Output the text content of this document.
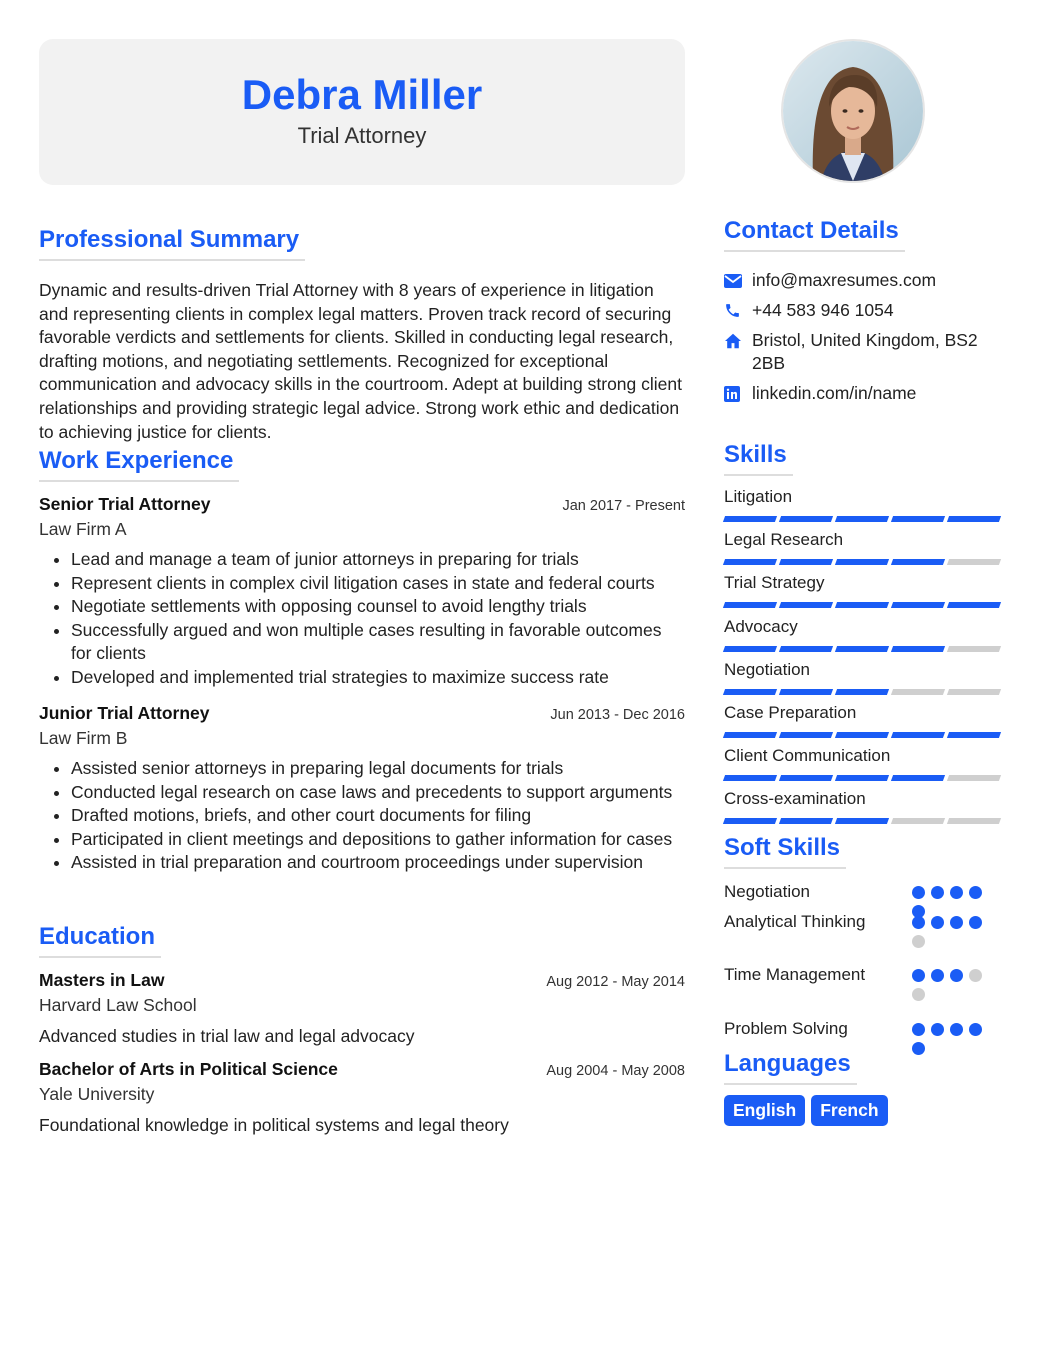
Debra Miller
Trial Attorney
Professional Summary
Dynamic and results-driven Trial Attorney with 8 years of experience in litigation and representing clients in complex legal matters. Proven track record of securing favorable verdicts and settlements for clients. Skilled in conducting legal research, drafting motions, and negotiating settlements. Recognized for exceptional communication and advocacy skills in the courtroom. Adept at building strong client relationships and providing strategic legal advice. Strong work ethic and dedication to achieving justice for clients.
Work Experience
Senior Trial Attorney	Jan 2017 - Present
Law Firm A
• Lead and manage a team of junior attorneys in preparing for trials
• Represent clients in complex civil litigation cases in state and federal courts
• Negotiate settlements with opposing counsel to avoid lengthy trials
• Successfully argued and won multiple cases resulting in favorable outcomes for clients
• Developed and implemented trial strategies to maximize success rate
Junior Trial Attorney	Jun 2013 - Dec 2016
Law Firm B
• Assisted senior attorneys in preparing legal documents for trials
• Conducted legal research on case laws and precedents to support arguments
• Drafted motions, briefs, and other court documents for filing
• Participated in client meetings and depositions to gather information for cases
• Assisted in trial preparation and courtroom proceedings under supervision
Education
Masters in Law	Aug 2012 - May 2014
Harvard Law School
Advanced studies in trial law and legal advocacy
Bachelor of Arts in Political Science	Aug 2004 - May 2008
Yale University
Foundational knowledge in political systems and legal theory
Contact Details
info@maxresumes.com
+44 583 946 1054
Bristol, United Kingdom, BS2 2BB
linkedin.com/in/name
Skills
Litigation
Legal Research
Trial Strategy
Advocacy
Negotiation
Case Preparation
Client Communication
Cross-examination
Soft Skills
Negotiation
Analytical Thinking
Time Management
Problem Solving
Languages
English	French
